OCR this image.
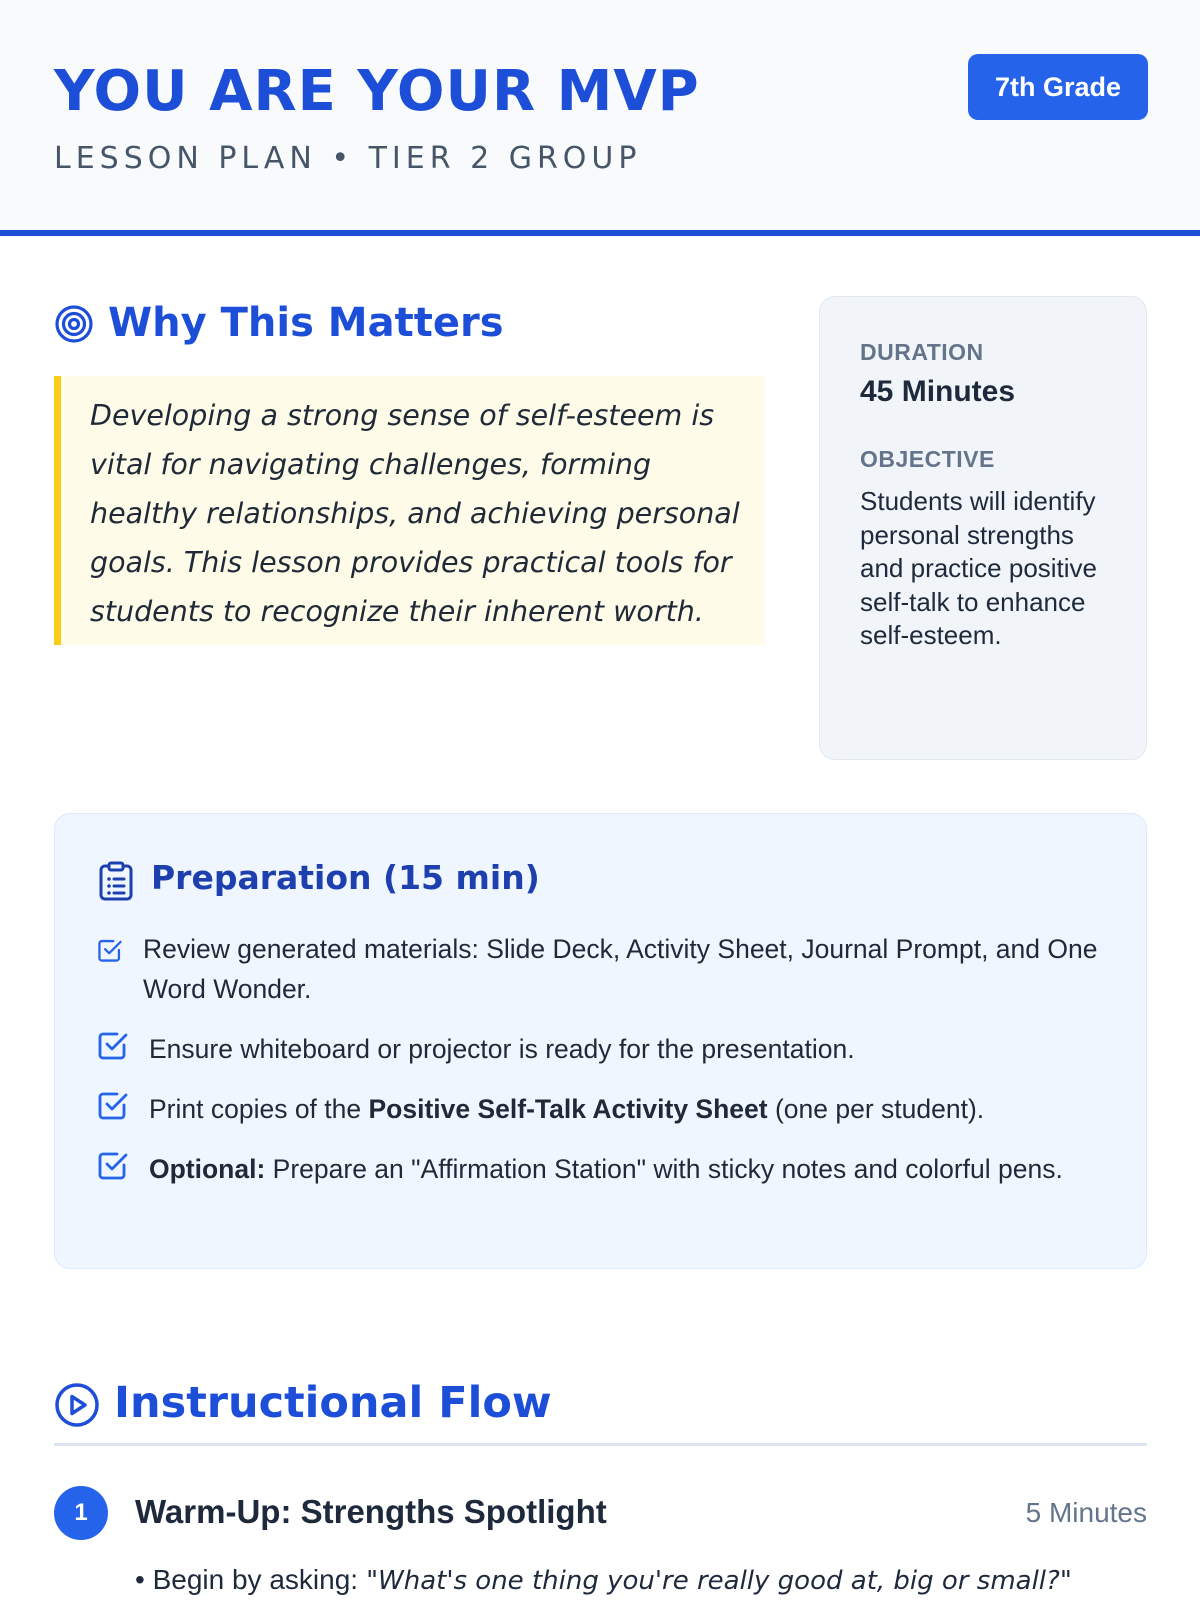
YOU ARE YOUR MVP
LESSON PLAN • TIER 2 GROUP
7th Grade
Why This Matters
Developing a strong sense of self-esteem is vital for navigating challenges, forming healthy relationships, and achieving personal goals. This lesson provides practical tools for students to recognize their inherent worth.
DURATION
45 Minutes
OBJECTIVE
Students will identify personal strengths and practice positive self-talk to enhance self-esteem.
Preparation (15 min)
Review generated materials: Slide Deck, Activity Sheet, Journal Prompt, and One Word Wonder.
Ensure whiteboard or projector is ready for the presentation.
Print copies of the Positive Self-Talk Activity Sheet (one per student).
Optional: Prepare an "Affirmation Station" with sticky notes and colorful pens.
Instructional Flow
1	Warm-Up: Strengths Spotlight	5 Minutes
• Begin by asking: "What's one thing you're really good at, big or small?"
